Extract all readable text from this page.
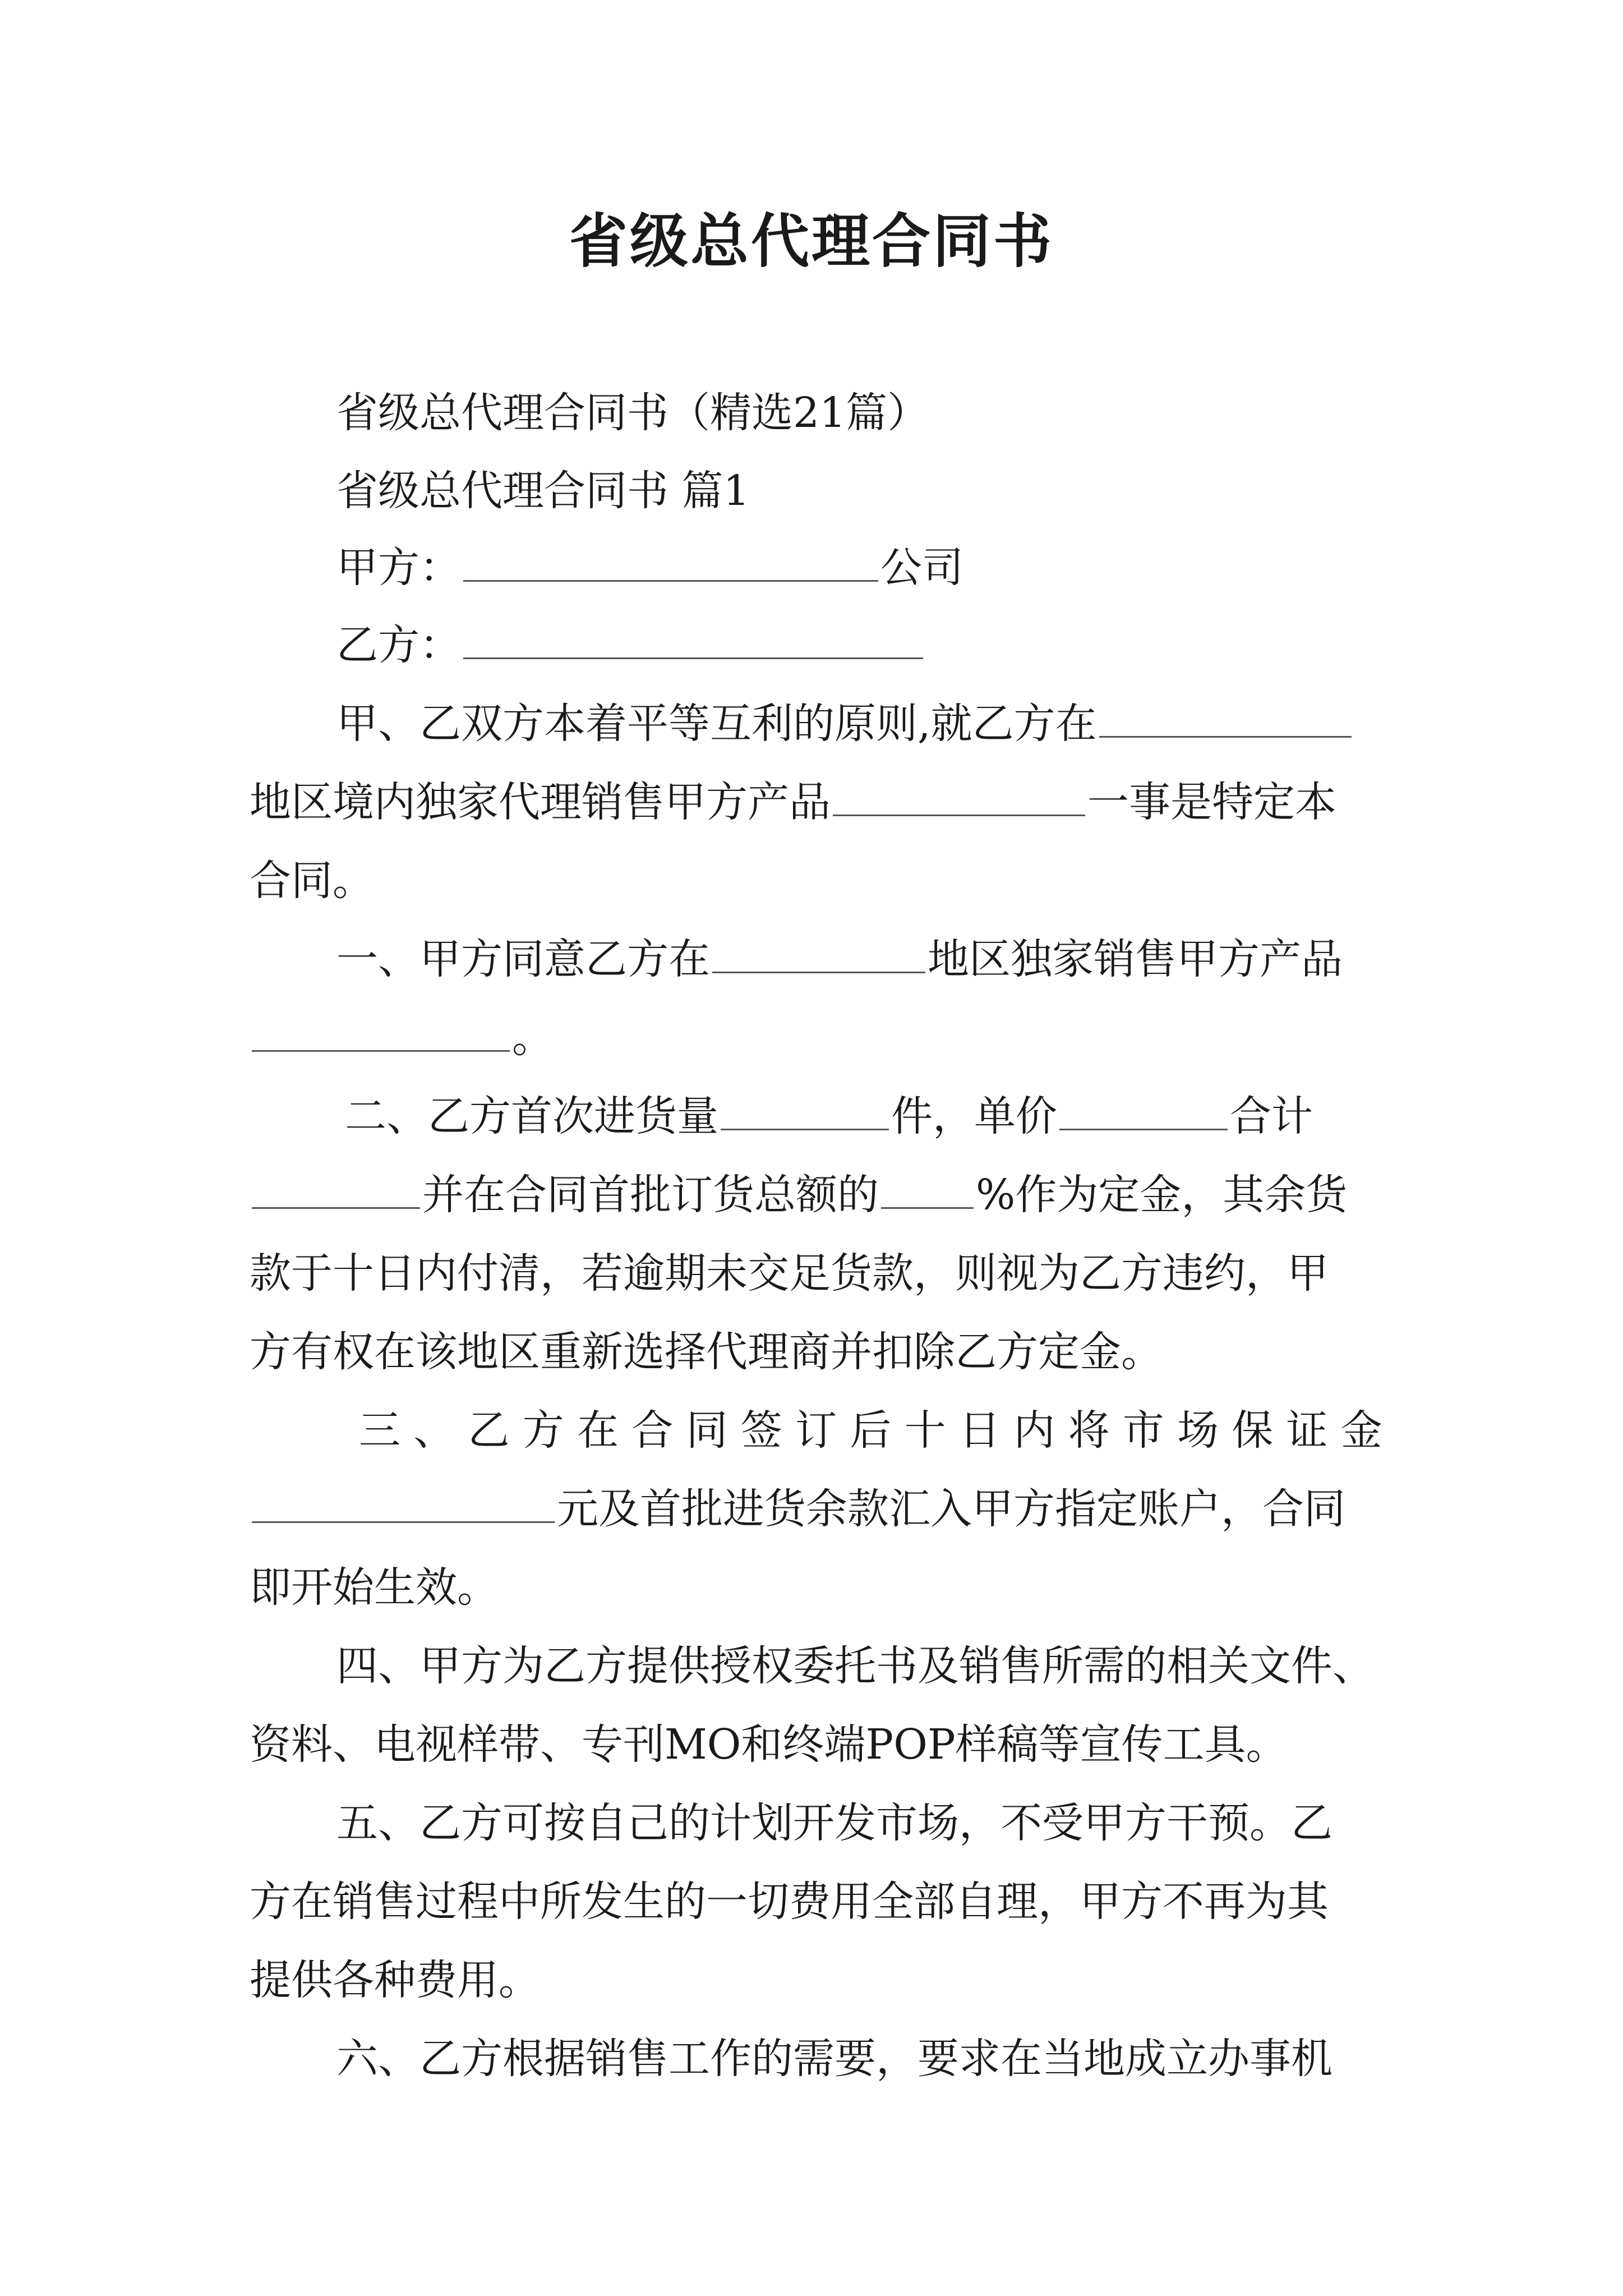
省级总代理合同书
省级总代理合同书（精选21篇）
省级总代理合同书 篇1
甲方：	公司
乙方：
甲、乙双方本着平等互利的原则,就乙方在
地区境内独家代理销售甲方产品	一事是特定本
合同。
一、甲方同意乙方在	地区独家销售甲方产品
。
二、乙方首次进货量	件，单价	合计
并在合同首批订货总额的 %作为定金，其余货
款于十日内付清，若逾期未交足货款，则视为乙方违约，甲
方有权在该地区重新选择代理商并扣除乙方定金。
三 、 乙 方 在 合 同 签 订 后 十 日 内 将 市 场 保 证 金
元及首批进货余款汇入甲方指定账户，合同
即开始生效。
四、甲方为乙方提供授权委托书及销售所需的相关文件、
资料、电视样带、专刊MO和终端POP样稿等宣传工具。
五、乙方可按自己的计划开发市场，不受甲方干预。乙
方在销售过程中所发生的一切费用全部自理，甲方不再为其
提供各种费用。
六、乙方根据销售工作的需要，要求在当地成立办事机
